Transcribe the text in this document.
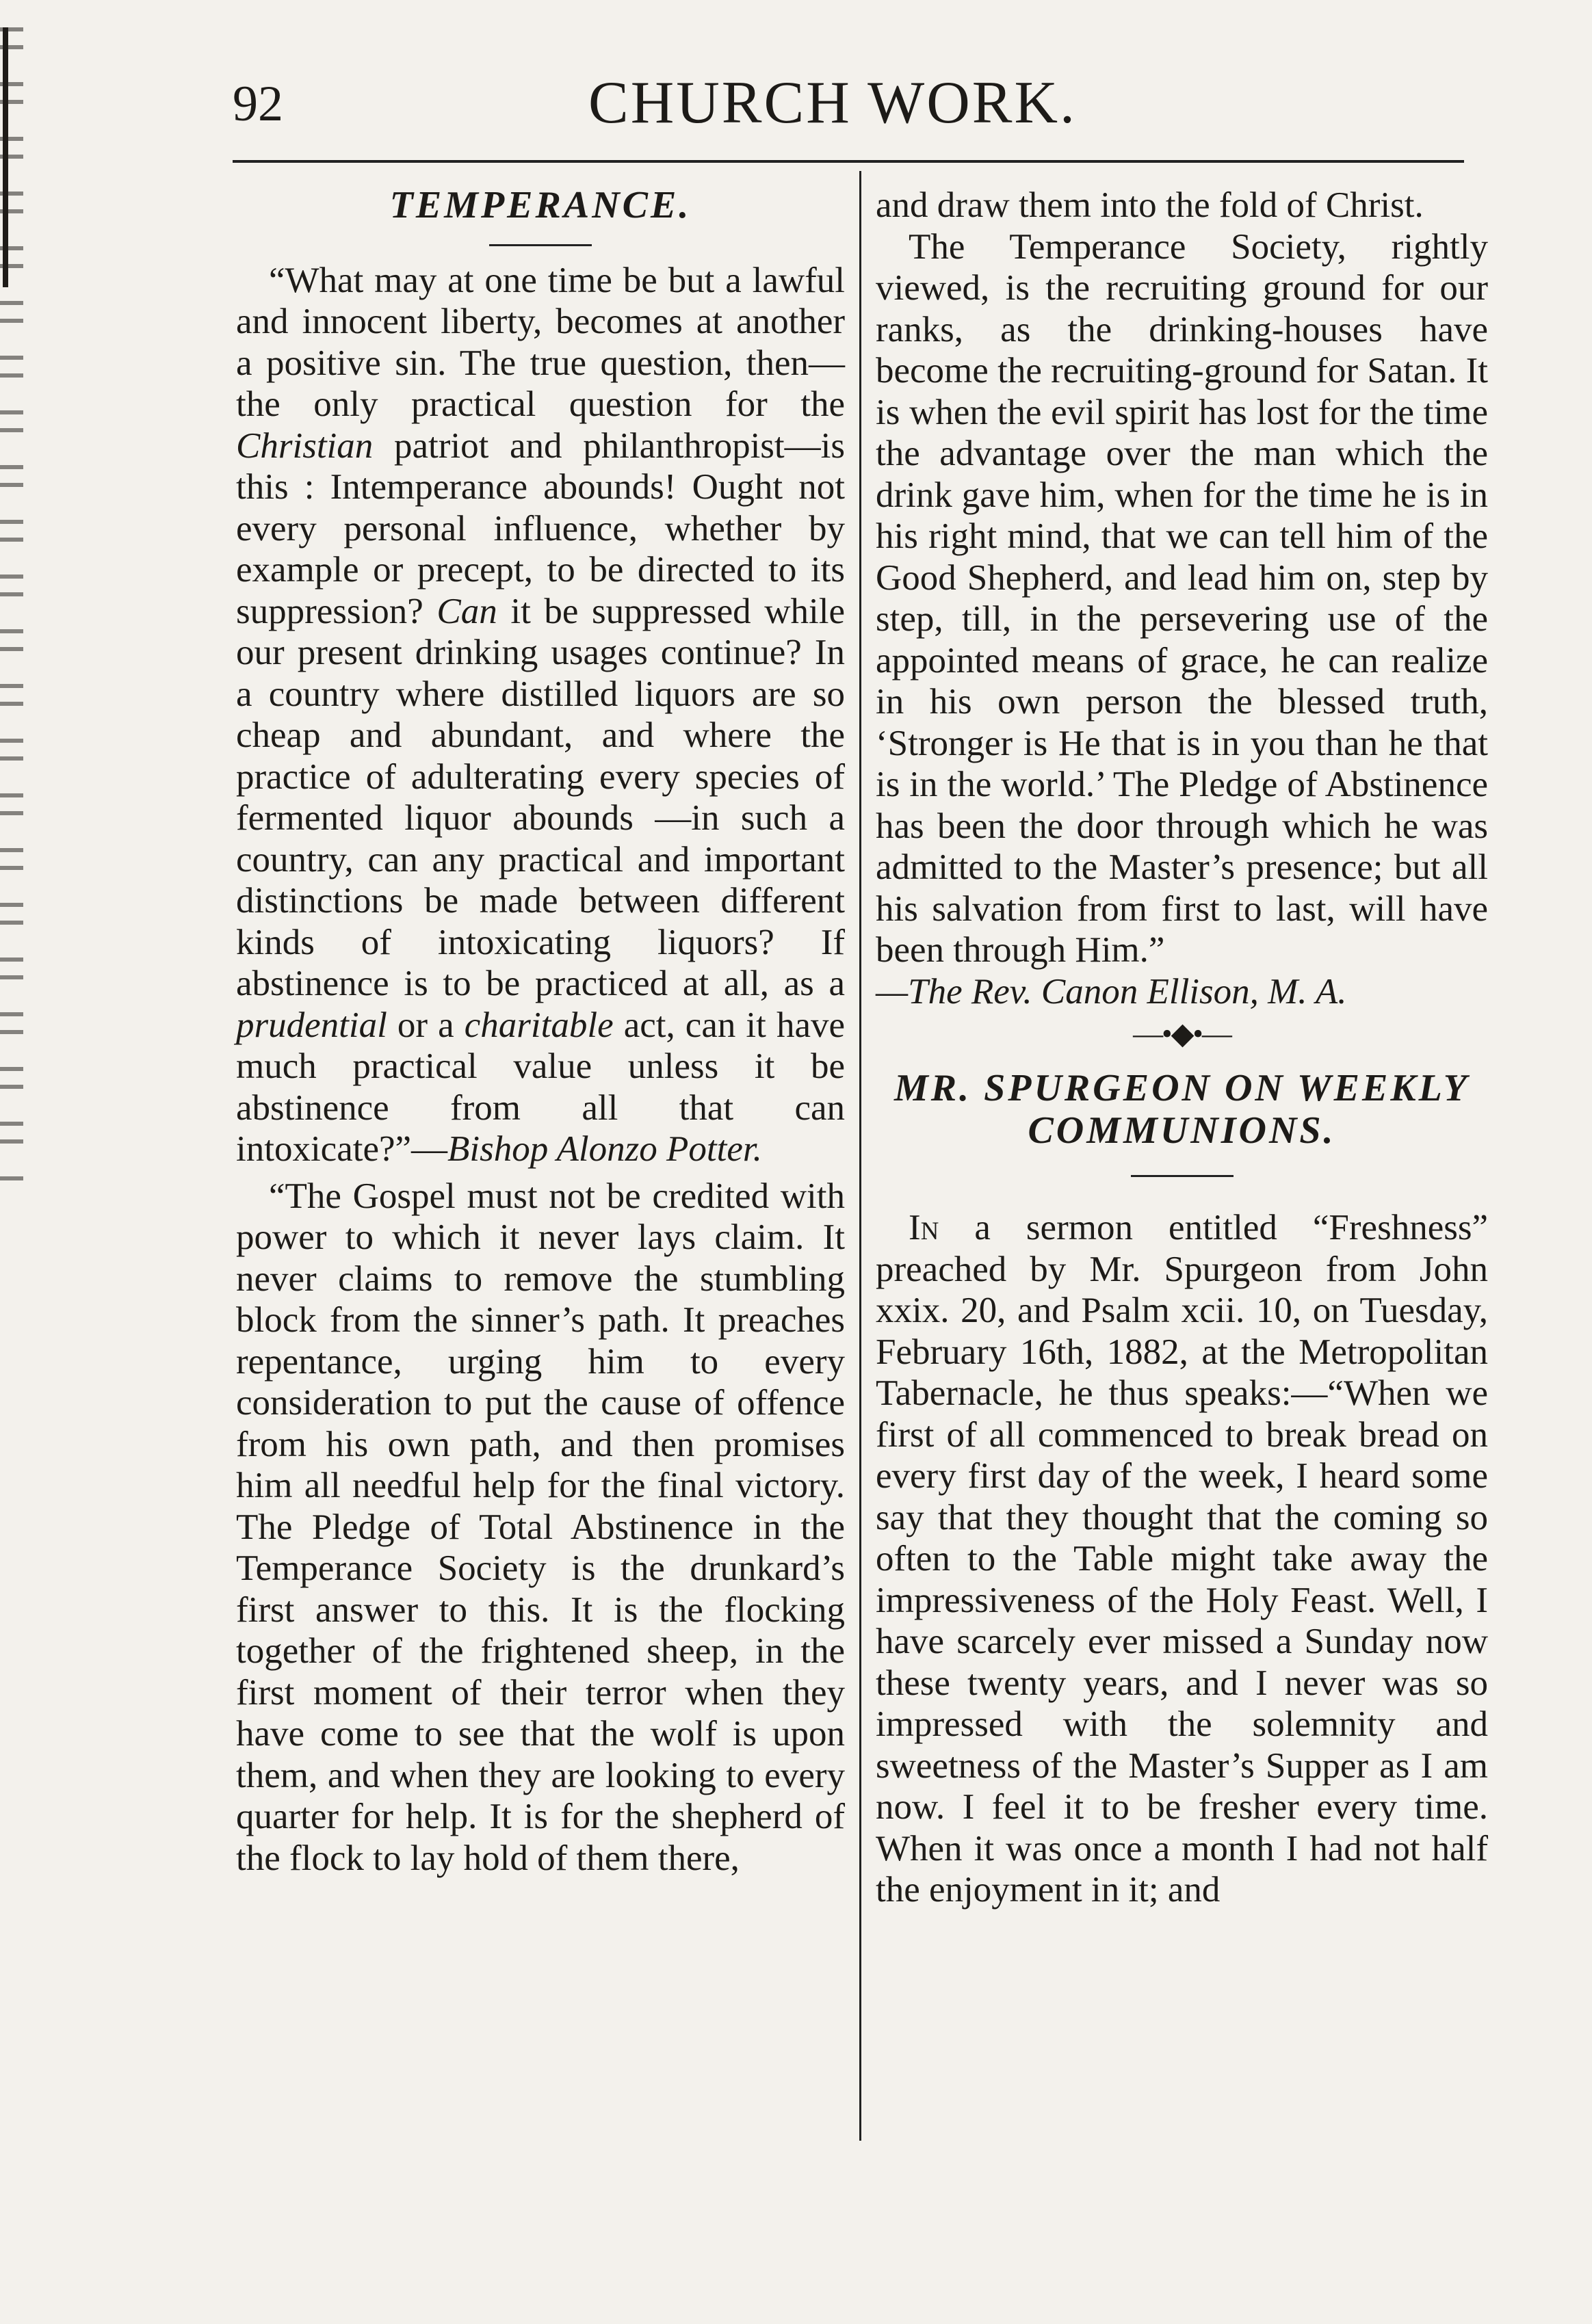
92	CHURCH WORK.
TEMPERANCE.

“What may at one time be but a lawful and innocent liberty, becomes at another a positive sin. The true question, then—the only practical question for the Christian patriot and philanthropist—is this : Intemperance abounds! Ought not every personal influence, whether by example or precept, to be directed to its suppression? Can it be suppressed while our present drinking usages continue? In a country where distilled liquors are so cheap and abundant, and where the practice of adulterating every species of fermented liquor abounds —in such a country, can any practical and important distinctions be made between different kinds of intoxicating liquors? If abstinence is to be practiced at all, as a prudential or a charitable act, can it have much practical value unless it be abstinence from all that can intoxicate?”—Bishop Alonzo Potter.

“The Gospel must not be credited with power to which it never lays claim. It never claims to remove the stumbling block from the sinner’s path. It preaches repentance, urging him to every consideration to put the cause of offence from his own path, and then promises him all needful help for the final victory. The Pledge of Total Abstinence in the Temperance Society is the drunkard’s first answer to this. It is the flocking together of the frightened sheep, in the first moment of their terror when they have come to see that the wolf is upon them, and when they are looking to every quarter for help. It is for the shepherd of the flock to lay hold of them there,

and draw them into the fold of Christ.

The Temperance Society, rightly viewed, is the recruiting ground for our ranks, as the drinking-houses have become the recruiting-ground for Satan. It is when the evil spirit has lost for the time the advantage over the man which the drink gave him, when for the time he is in his right mind, that we can tell him of the Good Shepherd, and lead him on, step by step, till, in the persevering use of the appointed means of grace, he can realize in his own person the blessed truth, ‘Stronger is He that is in you than he that is in the world.’ The Pledge of Abstinence has been the door through which he was admitted to the Master’s presence; but all his salvation from first to last, will have been through Him.”

—The Rev. Canon Ellison, M. A.

—•◆•—
MR. SPURGEON ON WEEKLY COMMUNIONS.

In a sermon entitled “Freshness” preached by Mr. Spurgeon from John xxix. 20, and Psalm xcii. 10, on Tuesday, February 16th, 1882, at the Metropolitan Tabernacle, he thus speaks:—“When we first of all commenced to break bread on every first day of the week, I heard some say that they thought that the coming so often to the Table might take away the impressiveness of the Holy Feast. Well, I have scarcely ever missed a Sunday now these twenty years, and I never was so impressed with the solemnity and sweetness of the Master’s Supper as I am now. I feel it to be fresher every time. When it was once a month I had not half the enjoyment in it; and
